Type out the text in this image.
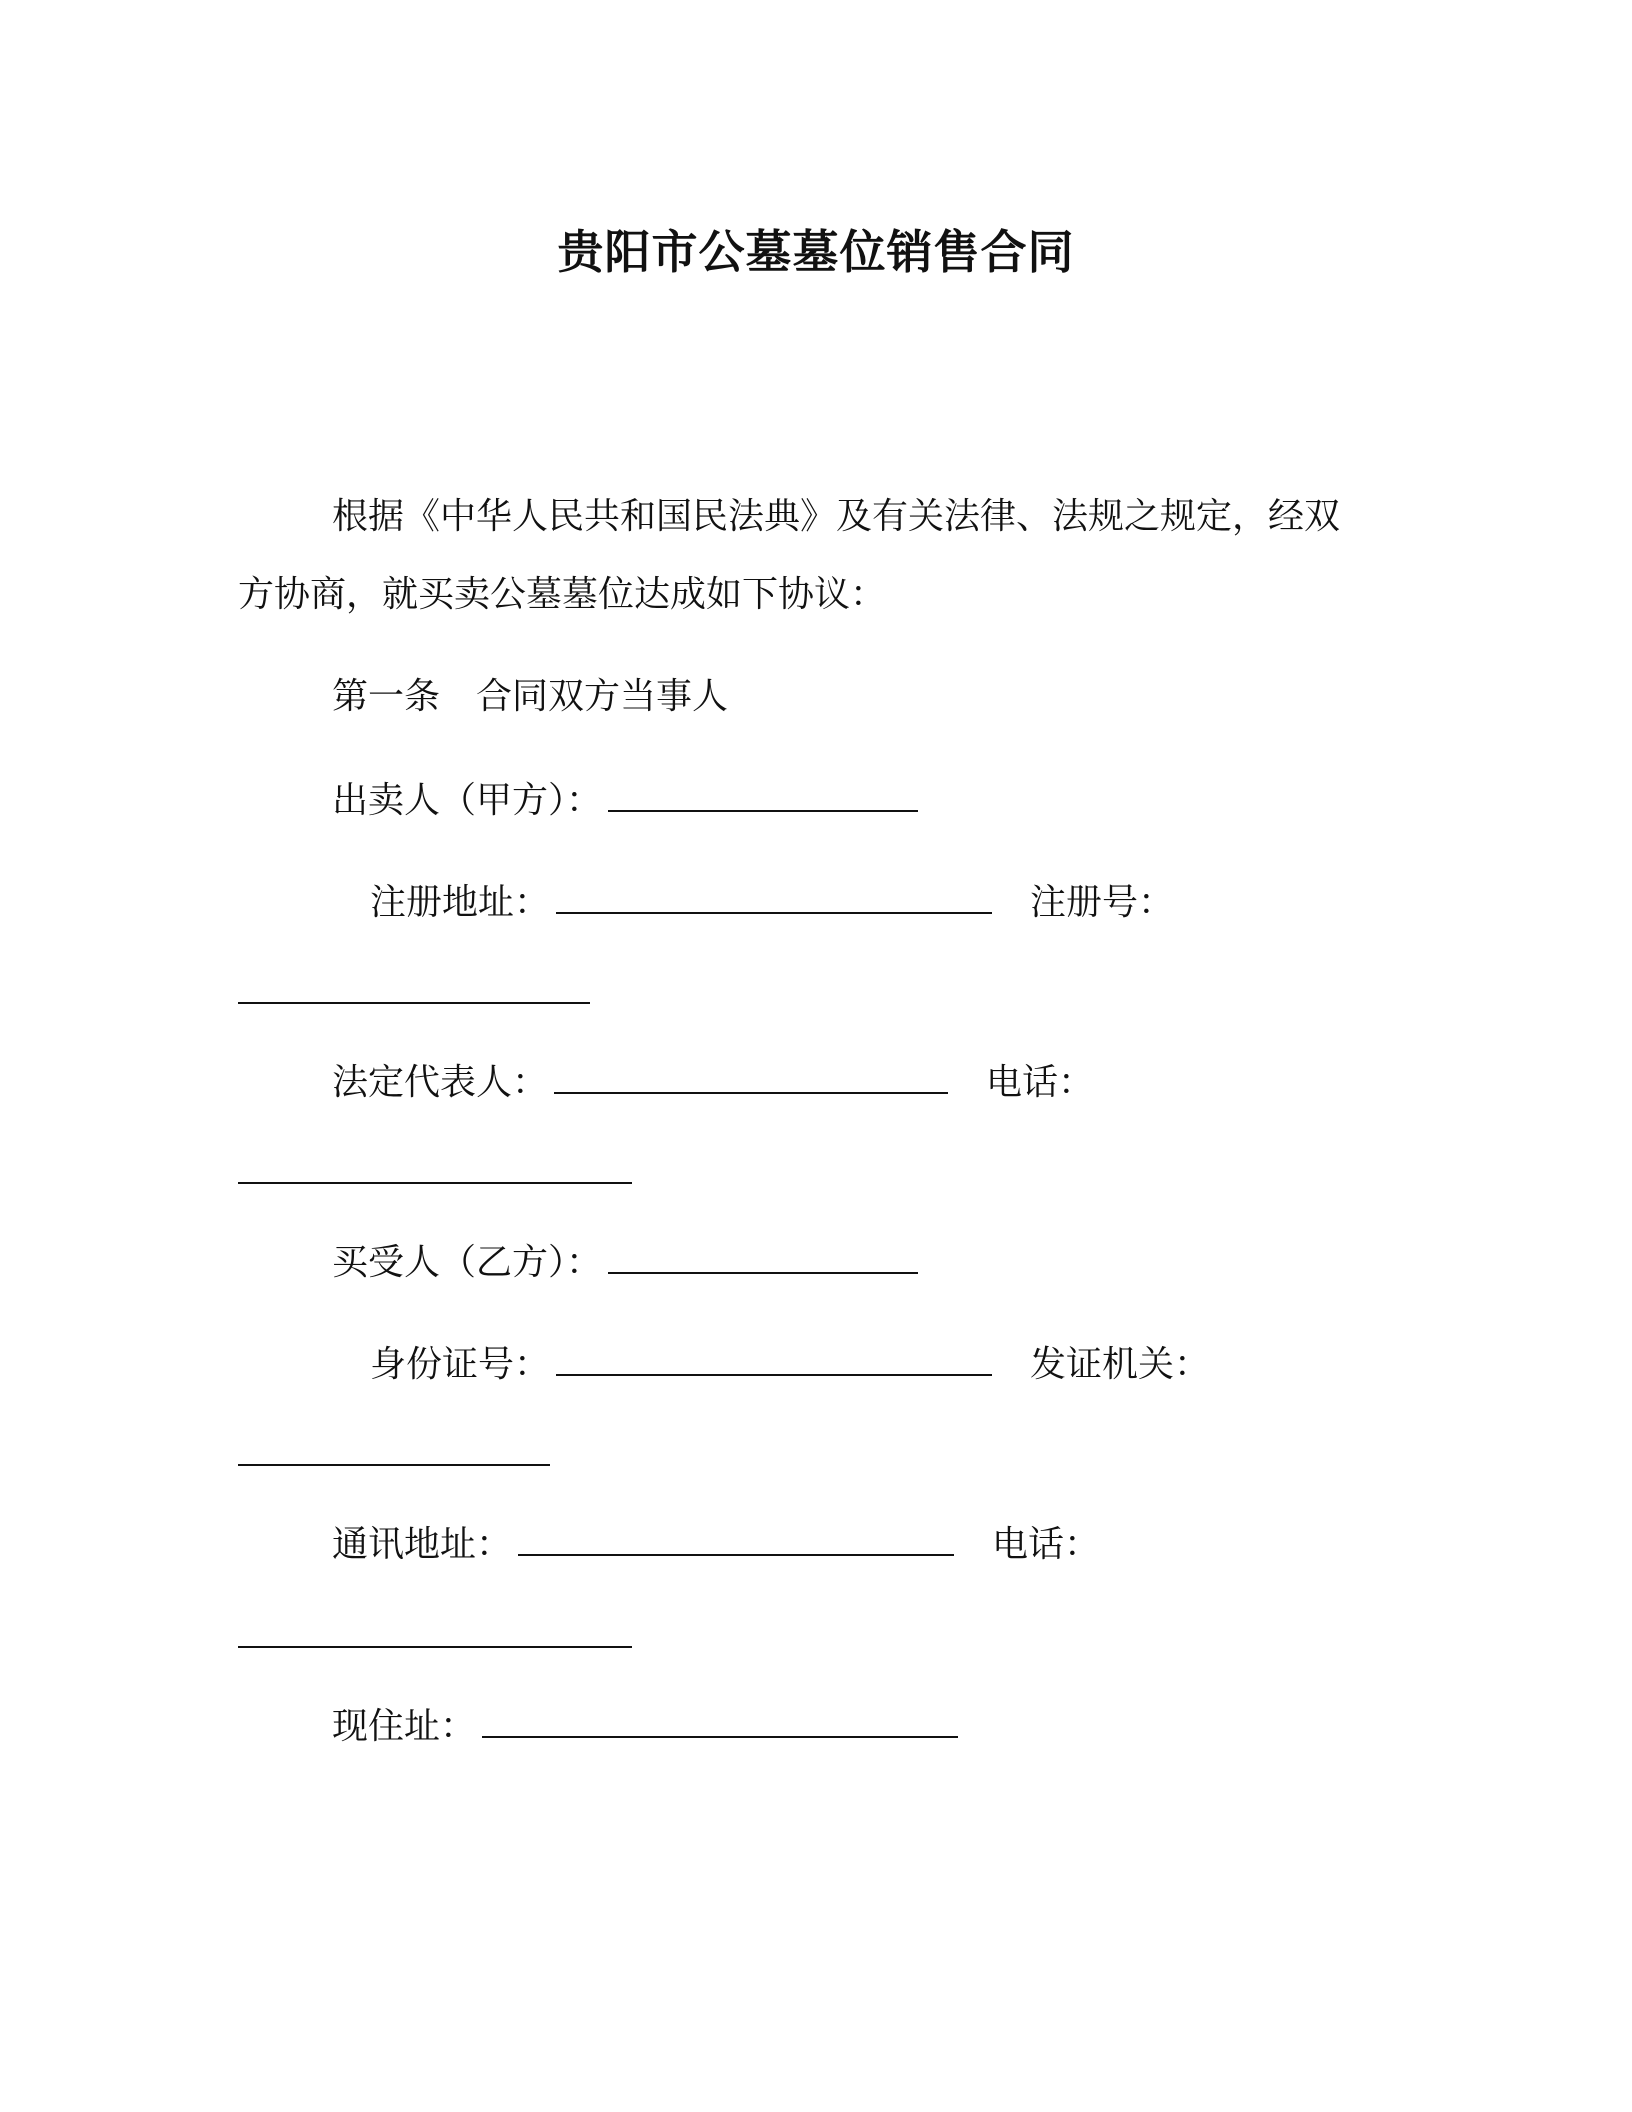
贵阳市公墓墓位销售合同
根据《中华人民共和国民法典》及有关法律、法规之规定，经双
方协商，就买卖公墓墓位达成如下协议：
第一条　合同双方当事人
出卖人（甲方）：
注册地址：	注册号：
法定代表人：	电话：
买受人（乙方）：
身份证号：	发证机关：
通讯地址：	电话：
现住址：
